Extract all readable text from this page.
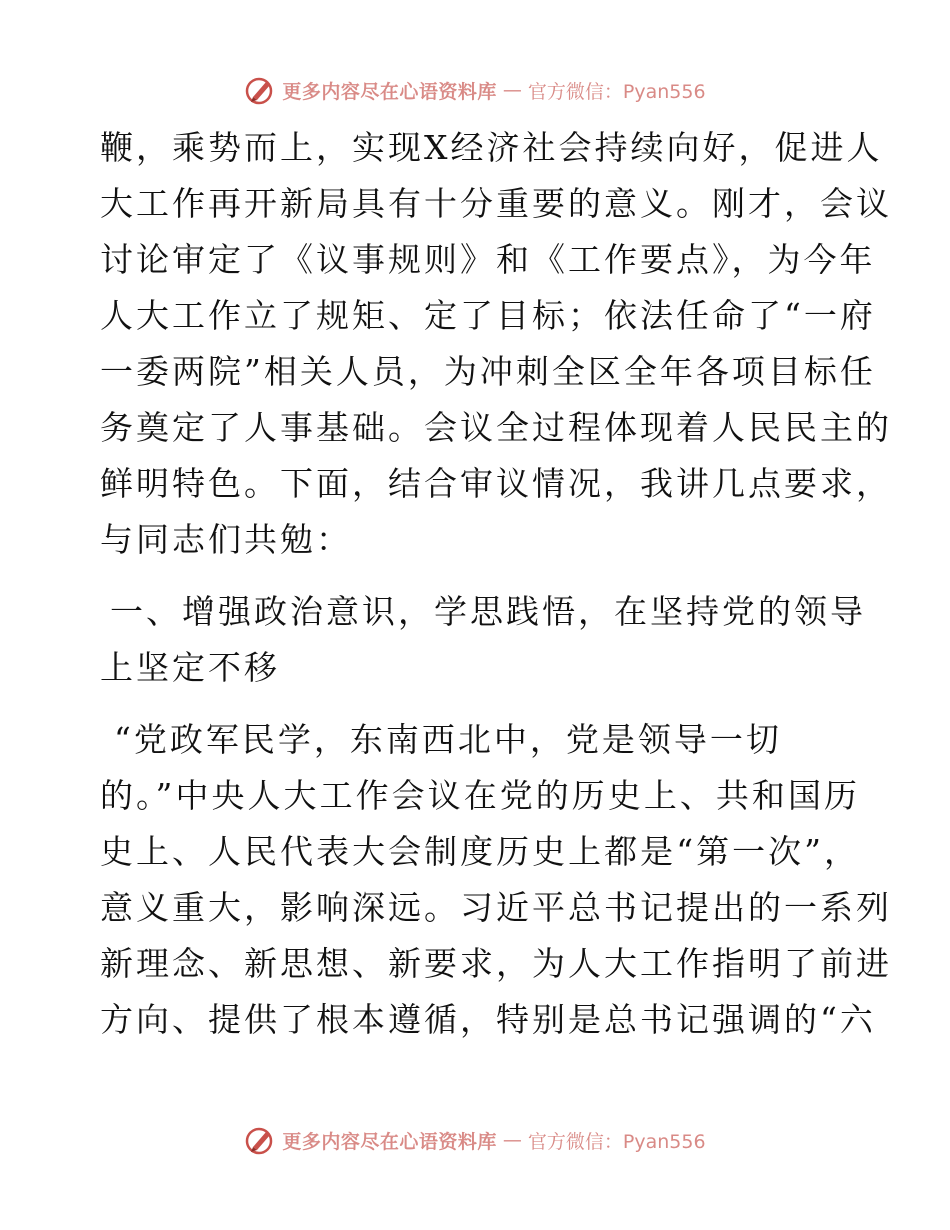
更多内容尽在心语资料库 — 官方微信：Pyan556
鞭，乘势而上，实现X经济社会持续向好，促进人
大工作再开新局具有十分重要的意义。刚才，会议
讨论审定了《议事规则》和《工作要点》，为今年
人大工作立了规矩、定了目标；依法任命了“一府
一委两院”相关人员，为冲刺全区全年各项目标任
务奠定了人事基础。会议全过程体现着人民民主的
鲜明特色。下面，结合审议情况，我讲几点要求，
与同志们共勉：
一、增强政治意识，学思践悟，在坚持党的领导
上坚定不移
“党政军民学，东南西北中，党是领导一切
的。”中央人大工作会议在党的历史上、共和国历
史上、人民代表大会制度历史上都是“第一次”，
意义重大，影响深远。习近平总书记提出的一系列
新理念、新思想、新要求，为人大工作指明了前进
方向、提供了根本遵循，特别是总书记强调的“六
更多内容尽在心语资料库 — 官方微信：Pyan556
